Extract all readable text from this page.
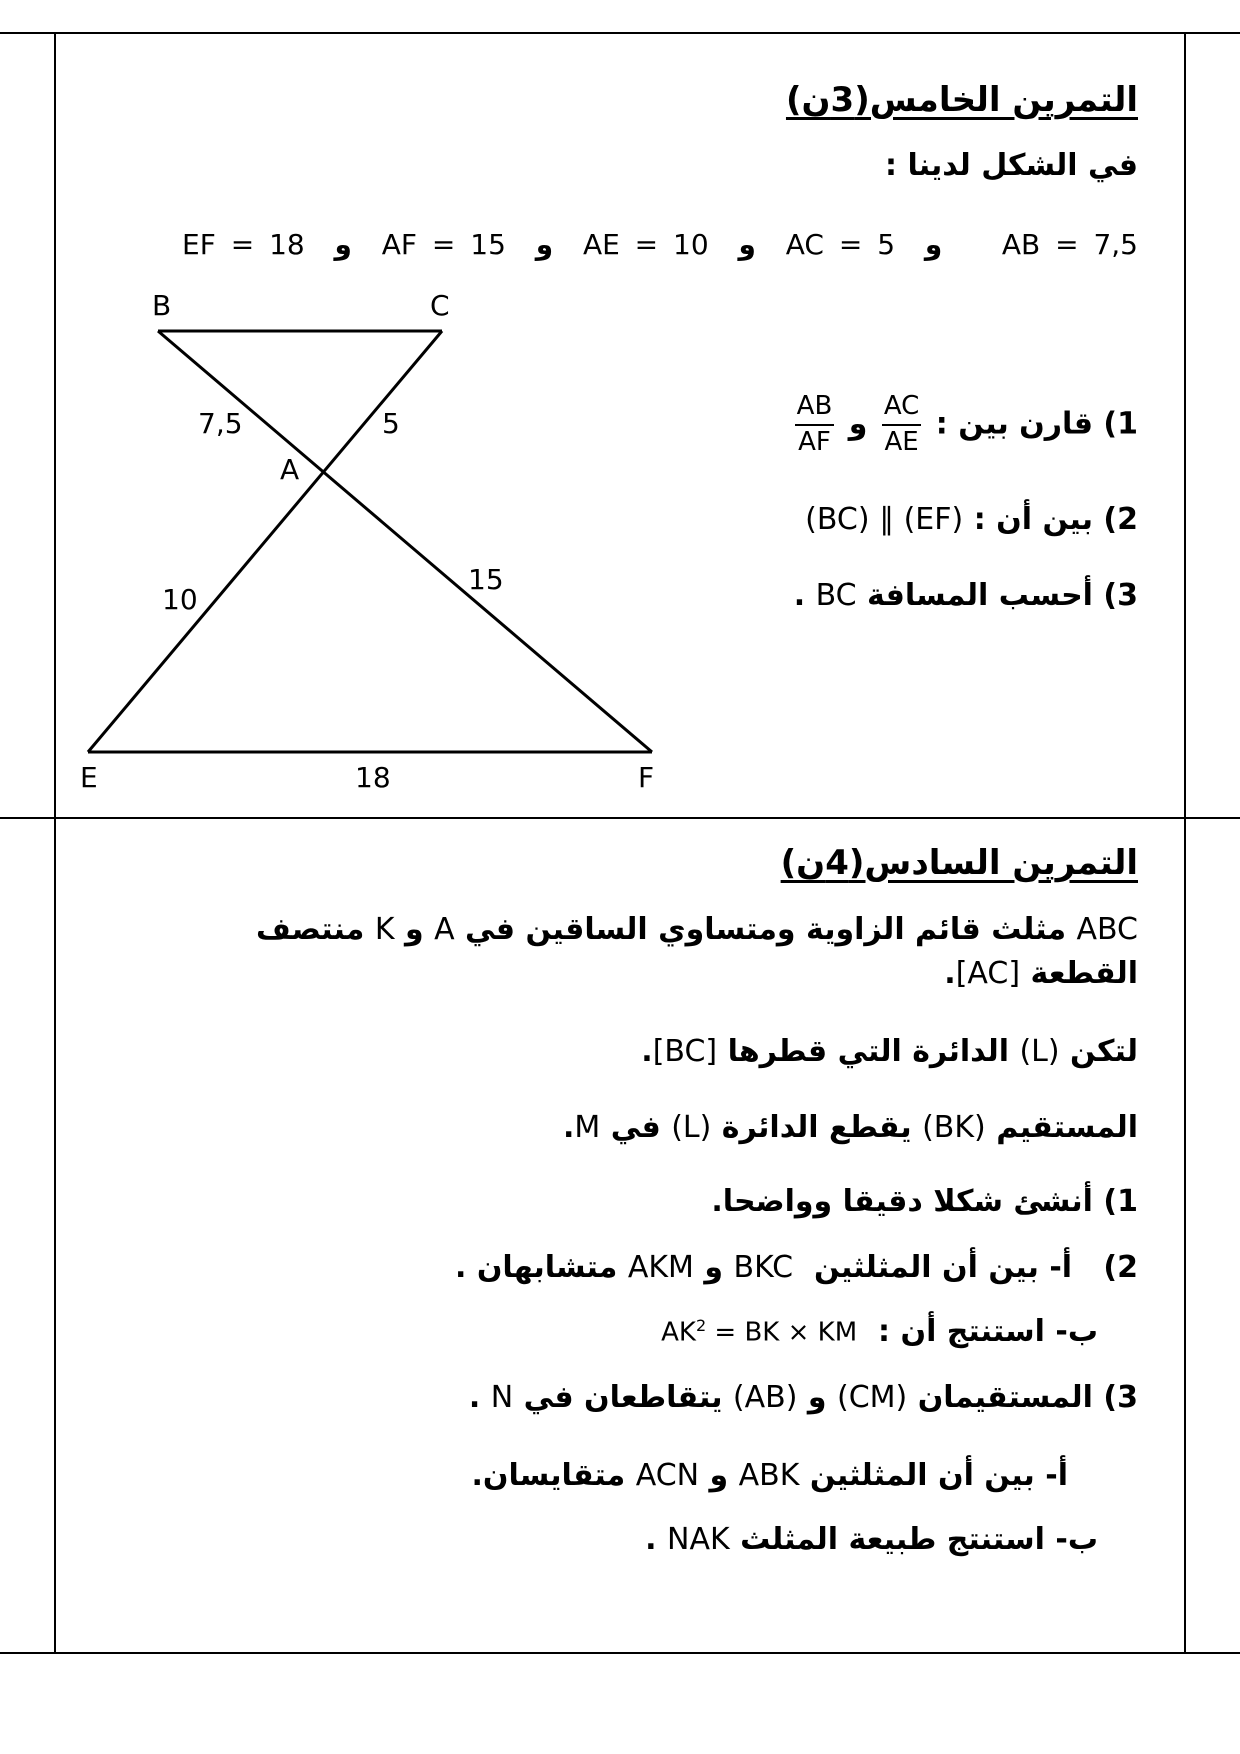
التمرين الخامس(3ن)
في الشكل لدينا :
AB = 7,5    و  AC = 5  و  AE = 10  و  AF = 15  و  EF = 18
B	C
A
E	F
7,5	5
10
15
18
1) قارن بين :
$\frac{AC}{AE}$
و
$\frac{AB}{AF}$
2) بين أن : (BC) ∥ (EF)
3) أحسب المسافة BC .
التمرين السادس(4ن)
ABC مثلث قائم الزاوية ومتساوي الساقين في A و K منتصف
القطعة [AC].
لتكن (L) الدائرة التي قطرها [BC].
المستقيم (BK) يقطع الدائرة (L) في M.
1) أنشئ شكلا دقيقا وواضحا.
2)   أ- بين أن المثلثين  BKC و AKM متشابهان .
ب- استنتج أن :  $AK^2$ = BK × KM
3) المستقيمان (CM) و (AB) يتقاطعان في N .
أ- بين أن المثلثين ABK و ACN متقايسان.
ب- استنتج طبيعة المثلث NAK .
